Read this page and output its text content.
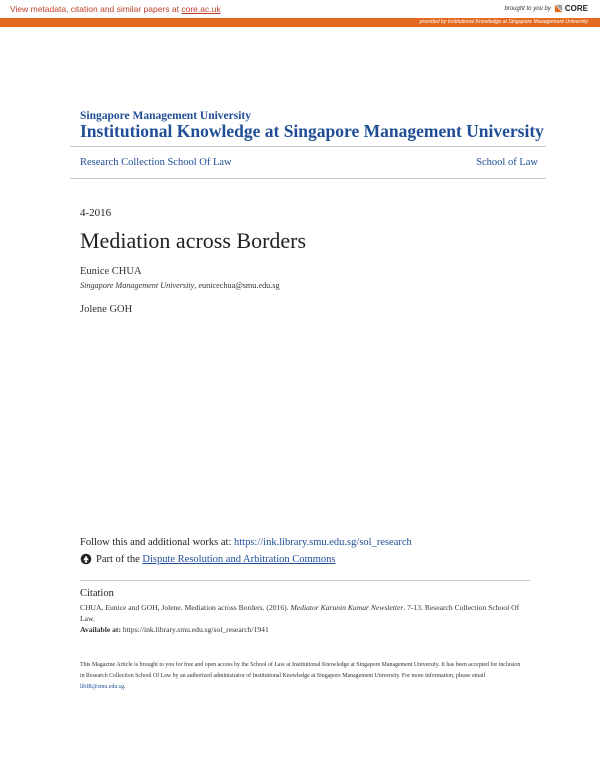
View metadata, citation and similar papers at core.ac.uk	brought to you by CORE
provided by Institutional Knowledge at Singapore Management University
Singapore Management University
Institutional Knowledge at Singapore Management University
Research Collection School Of Law	School of Law
4-2016
Mediation across Borders
Eunice CHUA
Singapore Management University, eunicechua@smu.edu.sg
Jolene GOH
Follow this and additional works at: https://ink.library.smu.edu.sg/sol_research
Part of the Dispute Resolution and Arbitration Commons
Citation
CHUA, Eunice and GOH, Jolene. Mediation across Borders. (2016). Mediator Karunin Kumar Newsletter. 7-13. Research Collection School Of Law.
Available at: https://ink.library.smu.edu.sg/sol_research/1941
This Magazine Article is brought to you for free and open access by the School of Law at Institutional Knowledge at Singapore Management University. It has been accepted for inclusion in Research Collection School Of Law by an authorized administrator of Institutional Knowledge at Singapore Management University. For more information, please email libIR@smu.edu.sg.
